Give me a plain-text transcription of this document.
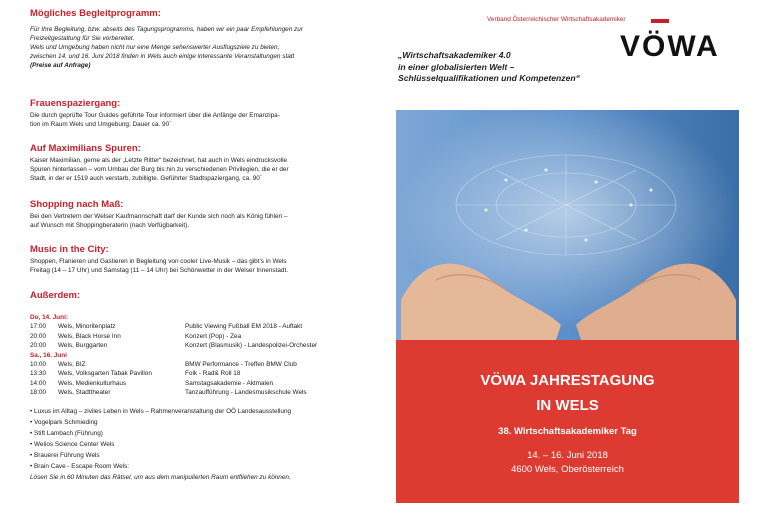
Mögliches Begleitprogramm:

Für Ihre Begleitung, bzw. abseits des Tagungsprogramms, haben wir ein paar Empfehlungen zur

Freizeitgestaltung für Sie vorbereitet.

Wels und Umgebung haben nicht nur eine Menge sehenswerter Ausflugsziele zu bieten,

zwischen 14. und 16. Juni 2018 finden in Wels auch einige interessante Veranstaltungen statt

(Preise auf Anfrage)

Frauenspaziergang:

Die durch geprüfte Tour Guides geführte Tour informiert über die Anfänge der Emanzipa-

tion im Raum Wels und Umgebung; Dauer ca. 90´

Auf Maximilians Spuren:

Kaiser Maximilian, gerne als der „Letzte Ritter“ bezeichnet, hat auch in Wels eindrucksvolle

Spuren hinterlassen – vom Umbau der Burg bis hin zu verschiedenen Privilegien, die er der

Stadt, in der er 1519 auch verstarb, zubilligte. Geführter Stadtspaziergang, ca. 90´

Shopping nach Maß:

Bei den Vertretern der Welser Kaufmannschaft darf der Kunde sich noch als König fühlen –

auf Wunsch mit Shoppingberaterin (nach Verfügbarkeit).

Music in the City:

Shoppen, Flanieren und Gastieren in Begleitung von cooler Live-Musik – das gibt’s in Wels

Freitag (14 – 17 Uhr) und Samstag (11 – 14 Uhr) bei Schönwetter in der Welser Innenstadt.

Außerdem:

Do, 14. Juni:
17:00	Wels, Minoritenplatz	Public Viewing Fußball EM 2018 - Auftakt
20:00	Wels, Black Horse Inn	Konzert (Pop) - Zea
20:00	Wels, Burggarten	Konzert (Blasmusik) - Landespolizei-Orchester
Sa., 16. Juni
10:00	Wels, BIZ	BMW Performance - Treffen BMW Club
13:30	Wels, Volksgarten Tabak Pavillon	Folk - Rad& Roll 18
14:00	Wels, Medienkulturhaus	Samstagsakademie - Aktmalen
18:00	Wels, Stadttheater	Tanzaufführung - Landesmusikschule Wels

• Luxus im Alltag – ziviles Leben in Wels – Rahmenveranstaltung der OÖ Landesausstellung

• Vogelpark Schmieding

• Stift Lambach (Führung)

• Welios Science Center Wels

• Brauerei Führung Wels

• Brain Cave - Escape Room Wels:

Lösen Sie in 60 Minuten das Rätsel, um aus dem manipulierten Raum entfliehen zu können.

Verband Österreichischer Wirtschaftsakademiker
VÖWA
„Wirtschaftsakademiker 4.0
in einer globalisierten Welt –
Schlüsselqualifikationen und Kompetenzen“
VÖWA JAHRESTAGUNG
IN WELS
38. Wirtschaftsakademiker Tag
14. – 16. Juni 2018
4600 Wels, Oberösterreich
